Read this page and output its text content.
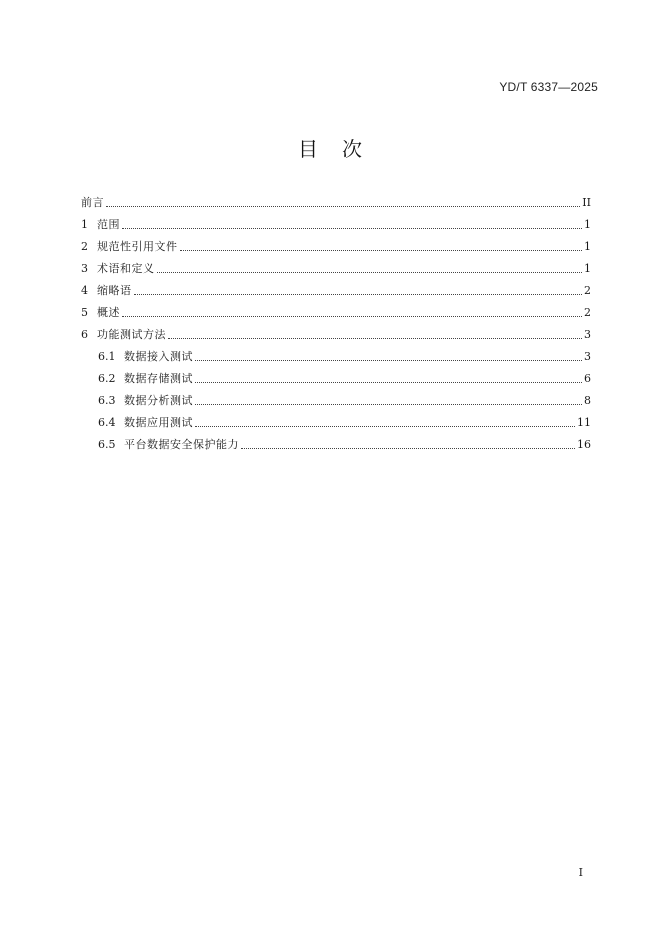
YD/T 6337—2025
目　次
前言	II
1 范围	1
2 规范性引用文件	1
3 术语和定义	1
4 缩略语	2
5 概述	2
6 功能测试方法	3
6.1 数据接入测试	3
6.2 数据存储测试	6
6.3 数据分析测试	8
6.4 数据应用测试	11
6.5 平台数据安全保护能力	16
I
